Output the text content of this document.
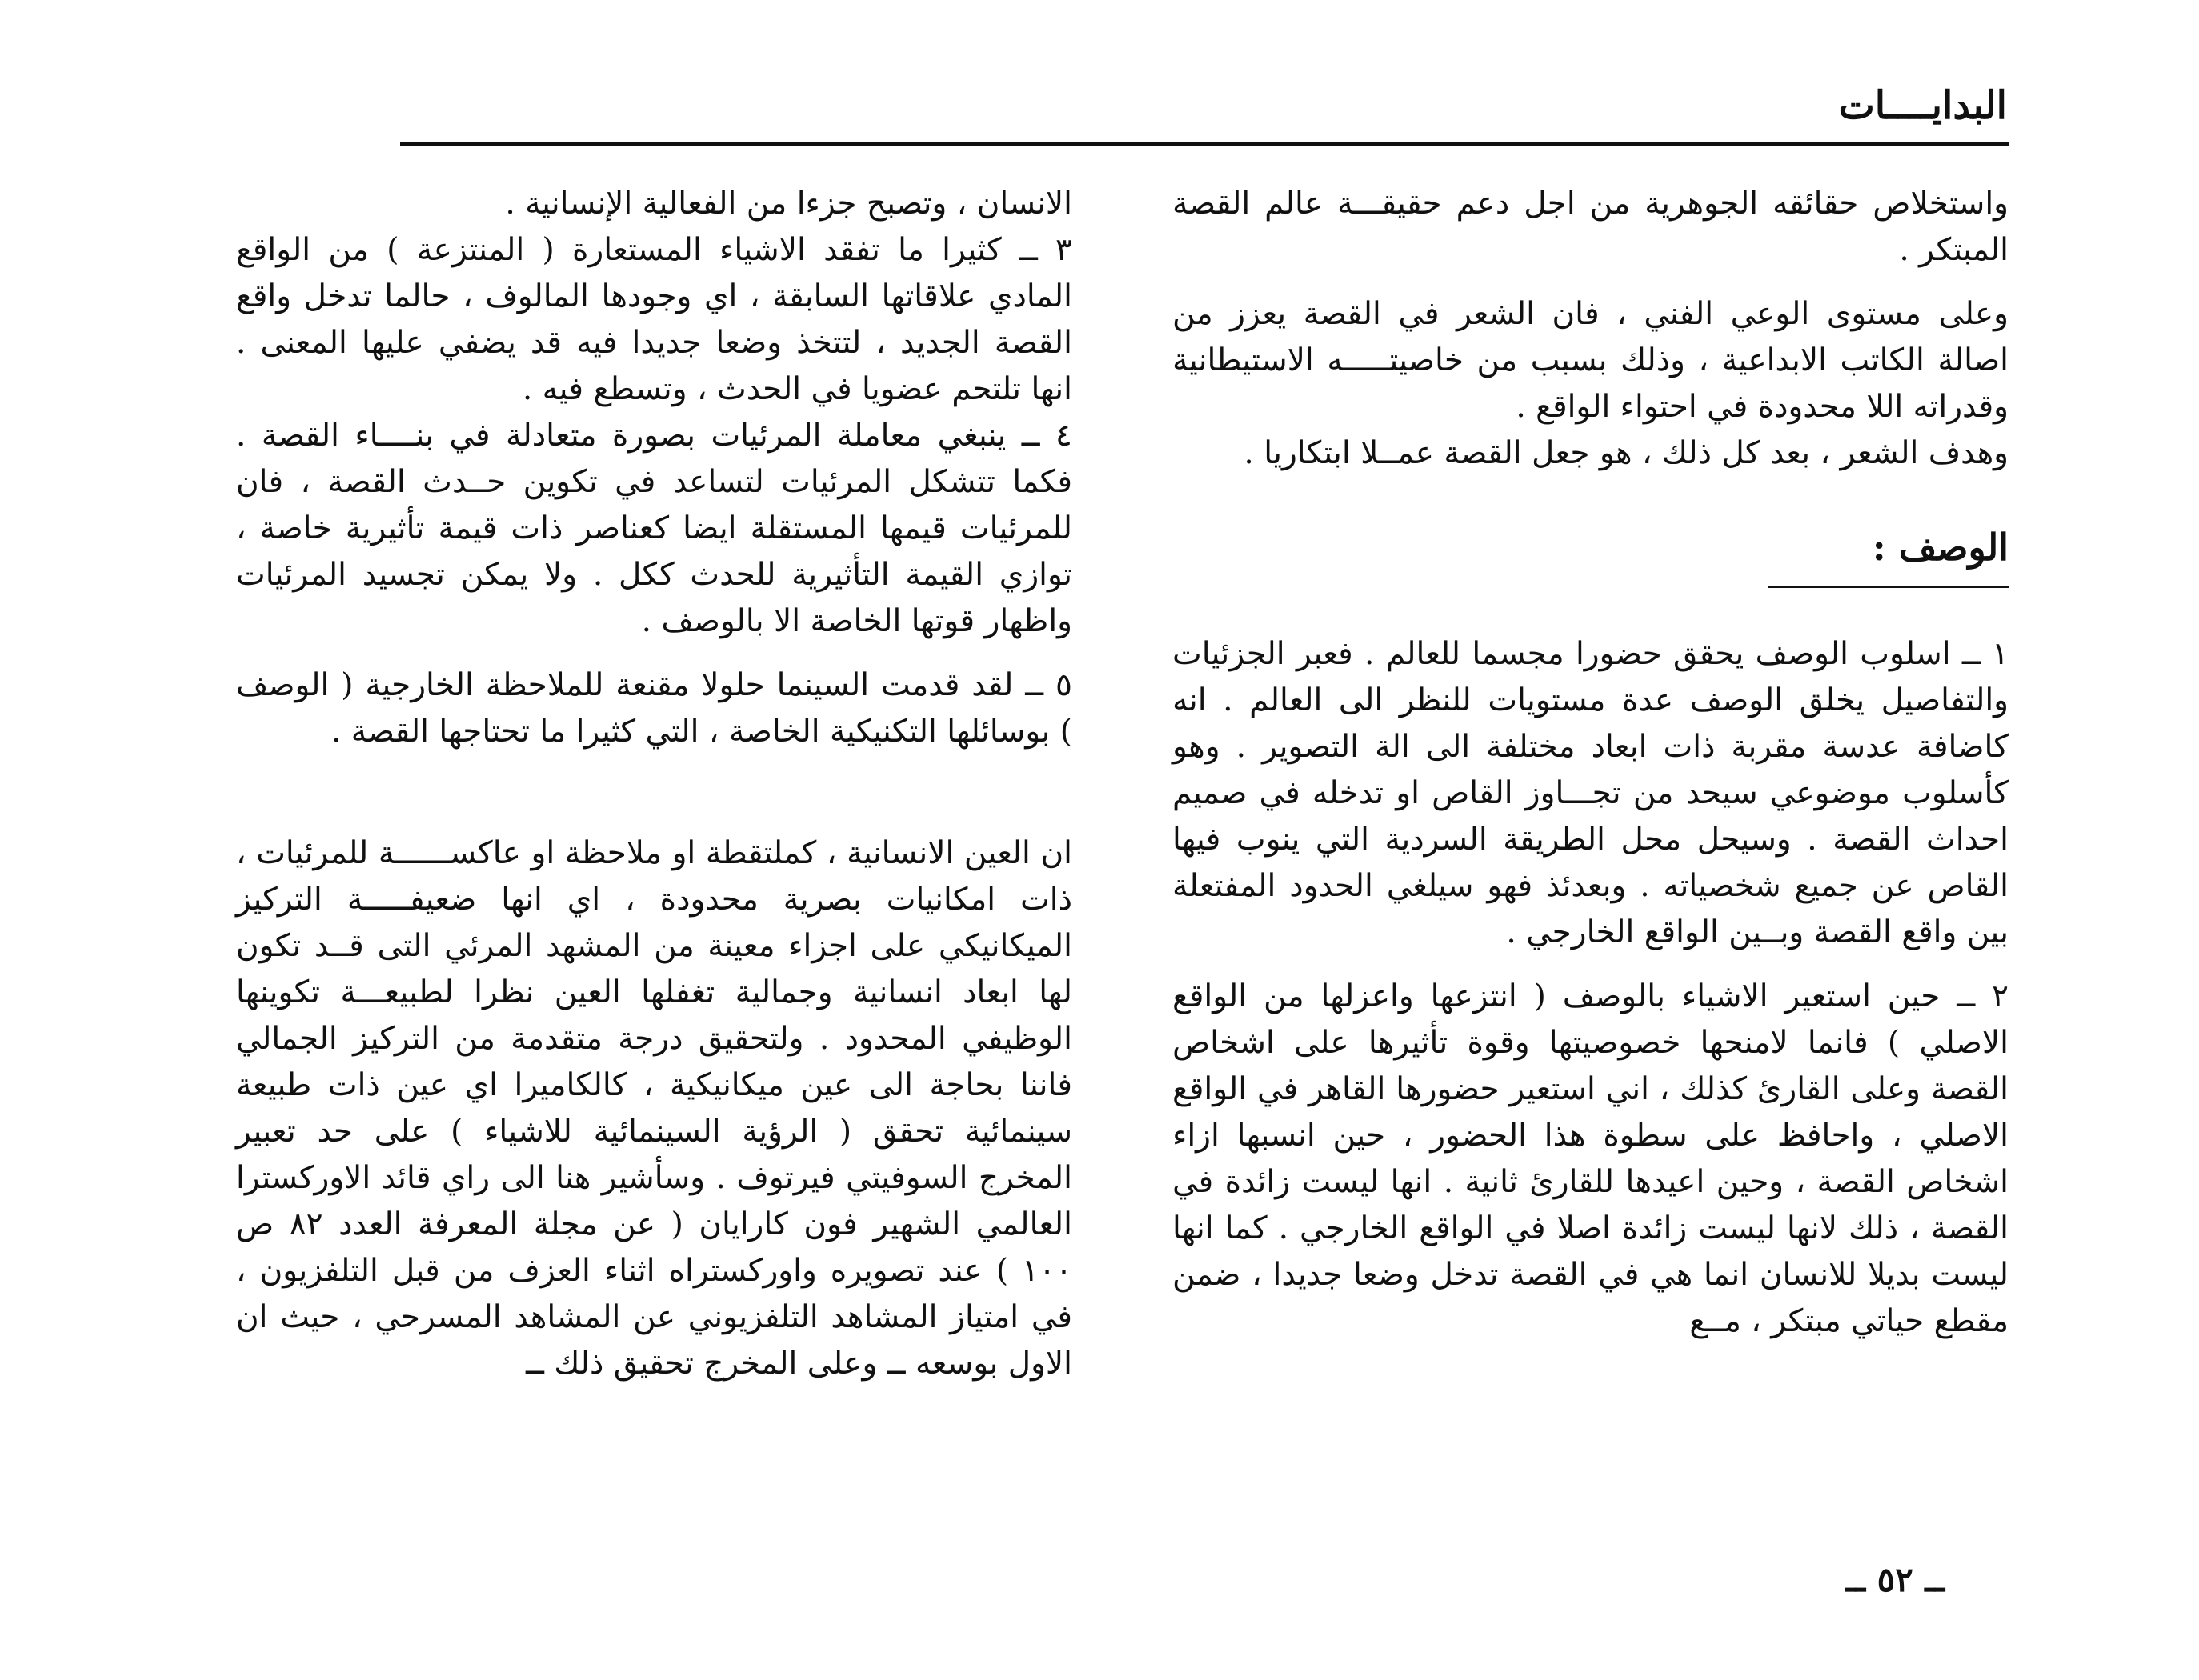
البدايــــات

واستخلاص حقائقه الجوهرية من اجل دعم حقيقـــة عالم القصة المبتكر .

وعلى مستوى الوعي الفني ، فان الشعر في القصة يعزز من اصالة الكاتب الابداعية ، وذلك بسبب من خاصيتـــــه الاستيطانية وقدراته اللا محدودة في احتواء الواقع .

وهدف الشعر ، بعد كل ذلك ، هو جعل القصة عمــلا ابتكاريا .

الوصف :

١ ــ اسلوب الوصف يحقق حضورا مجسما للعالم . فعبر الجزئيات والتفاصيل يخلق الوصف عدة مستويات للنظر الى العالم . انه كاضافة عدسة مقربة ذات ابعاد مختلفة الى الة التصوير . وهو كأسلوب موضوعي سيحد من تجـــاوز القاص او تدخله في صميم احداث القصة . وسيحل محل الطريقة السردية التي ينوب فيها القاص عن جميع شخصياته . وبعدئذ فهو سيلغي الحدود المفتعلة بين واقع القصة وبــين الواقع الخارجي .

٢ ــ حين استعير الاشياء بالوصف ( انتزعها واعزلها من الواقع الاصلي ) فانما لامنحها خصوصيتها وقوة تأثيرها على اشخاص القصة وعلى القارئ كذلك ، اني استعير حضورها القاهر في الواقع الاصلي ، واحافظ على سطوة هذا الحضور ، حين انسبها ازاء اشخاص القصة ، وحين اعيدها للقارئ ثانية . انها ليست زائدة في القصة ، ذلك لانها ليست زائدة اصلا في الواقع الخارجي . كما انها ليست بديلا للانسان انما هي في القصة تدخل وضعا جديدا ، ضمن مقطع حياتي مبتكر ، مــع

الانسان ، وتصبح جزءا من الفعالية الإنسانية .

٣ ــ كثيرا ما تفقد الاشياء المستعارة ( المنتزعة ) من الواقع المادي علاقاتها السابقة ، اي وجودها المالوف ، حالما تدخل واقع القصة الجديد ، لتتخذ وضعا جديدا فيه قد يضفي عليها المعنى . انها تلتحم عضويا في الحدث ، وتسطع فيه .

٤ ــ ينبغي معاملة المرئيات بصورة متعادلة في بنــــاء القصة . فكما تتشكل المرئيات لتساعد في تكوين حــدث القصة ، فان للمرئيات قيمها المستقلة ايضا كعناصر ذات قيمة تأثيرية خاصة ، توازي القيمة التأثيرية للحدث ككل . ولا يمكن تجسيد المرئيات واظهار قوتها الخاصة الا بالوصف .

٥ ــ لقد قدمت السينما حلولا مقنعة للملاحظة الخارجية ( الوصف ) بوسائلها التكنيكية الخاصة ، التي كثيرا ما تحتاجها القصة .

ان العين الانسانية ، كملتقطة او ملاحظة او عاكســــــة للمرئيات ، ذات امكانيات بصرية محدودة ، اي انها ضعيفـــــة التركيز الميكانيكي على اجزاء معينة من المشهد المرئي التى قــد تكون لها ابعاد انسانية وجمالية تغفلها العين نظرا لطبيعـــة تكوينها الوظيفي المحدود . ولتحقيق درجة متقدمة من التركيز الجمالي فاننا بحاجة الى عين ميكانيكية ، كالكاميرا اي عين ذات طبيعة سينمائية تحقق ( الرؤية السينمائية للاشياء ) على حد تعبير المخرج السوفيتي فيرتوف . وسأشير هنا الى راي قائد الاوركسترا العالمي الشهير فون كارايان ( عن مجلة المعرفة العدد ٨٢ ص ١٠٠ ) عند تصويره واوركستراه اثناء العزف من قبل التلفزيون ، في امتياز المشاهد التلفزيوني عن المشاهد المسرحي ، حيث ان الاول بوسعه ــ وعلى المخرج تحقيق ذلك ــ

ــ ٥٢ ــ
